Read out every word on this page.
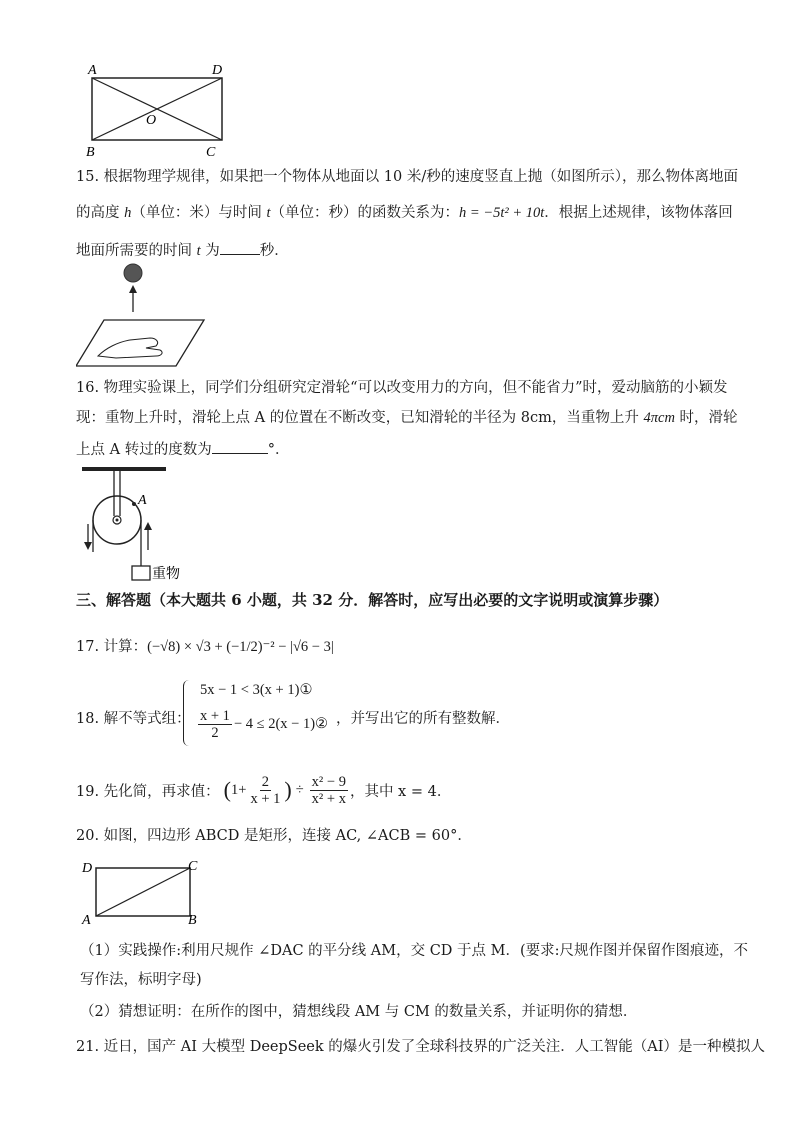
A	D
O
B	C
15. 根据物理学规律，如果把一个物体从地面以 10 米/秒的速度竖直上抛（如图所示），那么物体离地面
的高度 h（单位：米）与时间 t（单位：秒）的函数关系为：h = −5t² + 10t．根据上述规律，该物体落回
地面所需要的时间 t 为	秒．
16. 物理实验课上，同学们分组研究定滑轮“可以改变用力的方向，但不能省力”时，爱动脑筋的小颖发
现：重物上升时，滑轮上点 A 的位置在不断改变，已知滑轮的半径为 8cm，当重物上升 4πcm 时，滑轮
上点 A 转过的度数为	°．
A
重物
三、解答题（本大题共 6 小题，共 32 分．解答时，应写出必要的文字说明或演算步骤）
17. 计算：(−√8) × √3 + (−1/2)⁻² − |√6 − 3|
18. 解不等式组：
5x − 1 < 3(x + 1)①
$\frac{x + 1}{2} - 4 \le 2(x$ − 1)② ，并写出它的所有整数解．
19. 先化简，再求值： ( $1+ \frac{2}{x + 1}$ ) ÷ $\frac{\text{x² − 9}}{\text{x² + x}}$ ，其中 x = 4．
20. 如图，四边形 ABCD 是矩形，连接 AC, ∠ACB = 60°．
D	C
A	B
（1）实践操作:利用尺规作 ∠DAC 的平分线 AM，交 CD 于点 M．(要求:尺规作图并保留作图痕迹，不
写作法，标明字母)
（2）猜想证明：在所作的图中，猜想线段 AM 与 CM 的数量关系，并证明你的猜想．
21. 近日，国产 AI 大模型 DeepSeek 的爆火引发了全球科技界的广泛关注．人工智能（AI）是一种模拟人
